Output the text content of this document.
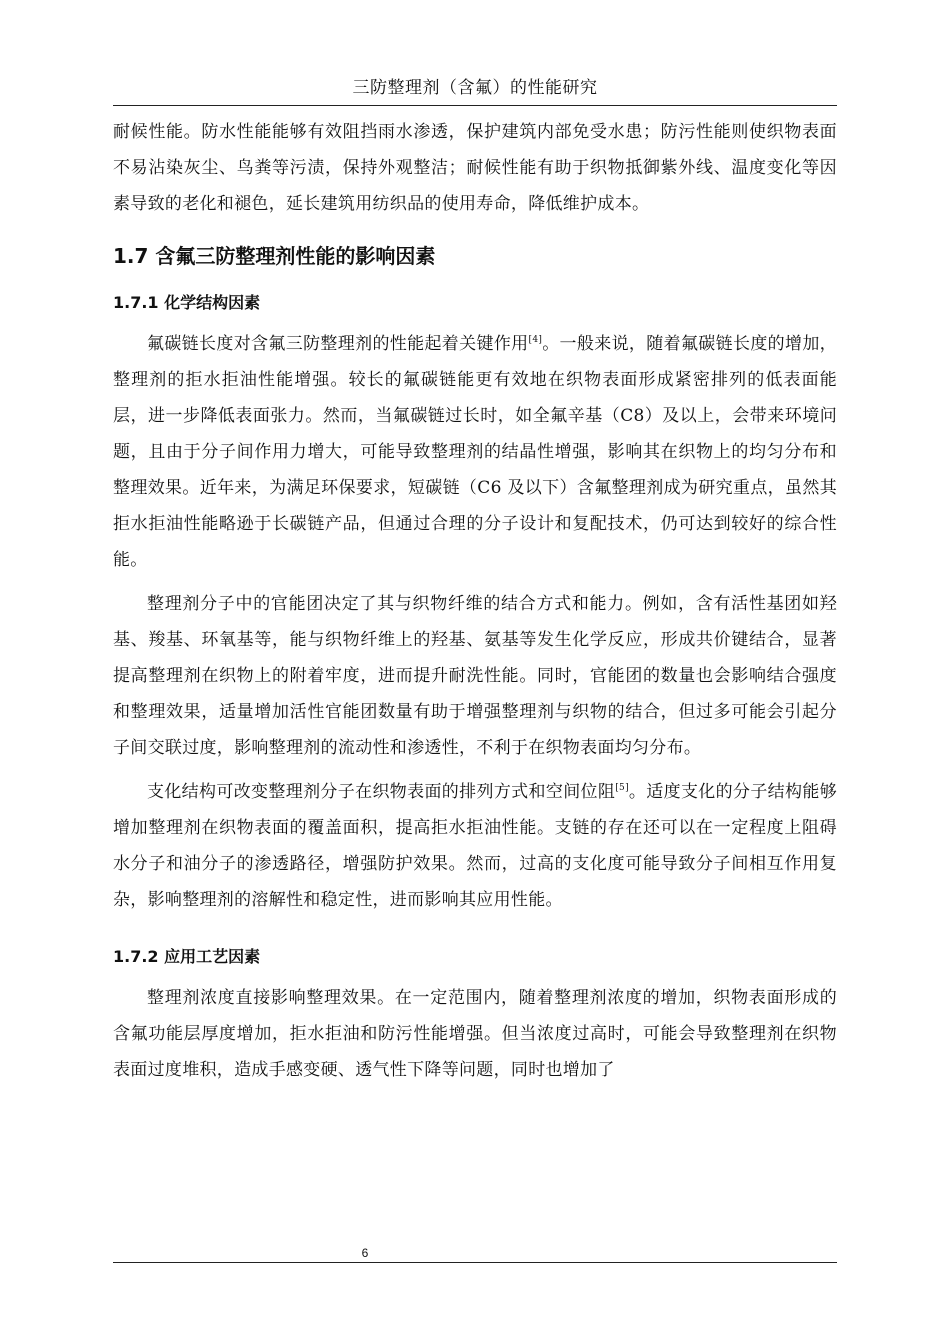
三防整理剂（含氟）的性能研究

耐候性能。防水性能能够有效阻挡雨水渗透，保护建筑内部免受水患；防污性能则使织物表面不易沾染灰尘、鸟粪等污渍，保持外观整洁；耐候性能有助于织物抵御紫外线、温度变化等因素导致的老化和褪色，延长建筑用纺织品的使用寿命，降低维护成本。

1.7 含氟三防整理剂性能的影响因素
1.7.1 化学结构因素

氟碳链长度对含氟三防整理剂的性能起着关键作用[4]。一般来说，随着氟碳链长度的增加，整理剂的拒水拒油性能增强。较长的氟碳链能更有效地在织物表面形成紧密排列的低表面能层，进一步降低表面张力。然而，当氟碳链过长时，如全氟辛基（C8）及以上，会带来环境问题，且由于分子间作用力增大，可能导致整理剂的结晶性增强，影响其在织物上的均匀分布和整理效果。近年来，为满足环保要求，短碳链（C6 及以下）含氟整理剂成为研究重点，虽然其拒水拒油性能略逊于长碳链产品，但通过合理的分子设计和复配技术，仍可达到较好的综合性能。

整理剂分子中的官能团决定了其与织物纤维的结合方式和能力。例如，含有活性基团如羟基、羧基、环氧基等，能与织物纤维上的羟基、氨基等发生化学反应，形成共价键结合，显著提高整理剂在织物上的附着牢度，进而提升耐洗性能。同时，官能团的数量也会影响结合强度和整理效果，适量增加活性官能团数量有助于增强整理剂与织物的结合，但过多可能会引起分子间交联过度，影响整理剂的流动性和渗透性，不利于在织物表面均匀分布。

支化结构可改变整理剂分子在织物表面的排列方式和空间位阻[5]。适度支化的分子结构能够增加整理剂在织物表面的覆盖面积，提高拒水拒油性能。支链的存在还可以在一定程度上阻碍水分子和油分子的渗透路径，增强防护效果。然而，过高的支化度可能导致分子间相互作用复杂，影响整理剂的溶解性和稳定性，进而影响其应用性能。

1.7.2 应用工艺因素

整理剂浓度直接影响整理效果。在一定范围内，随着整理剂浓度的增加，织物表面形成的含氟功能层厚度增加，拒水拒油和防污性能增强。但当浓度过高时，可能会导致整理剂在织物表面过度堆积，造成手感变硬、透气性下降等问题，同时也增加了

6
